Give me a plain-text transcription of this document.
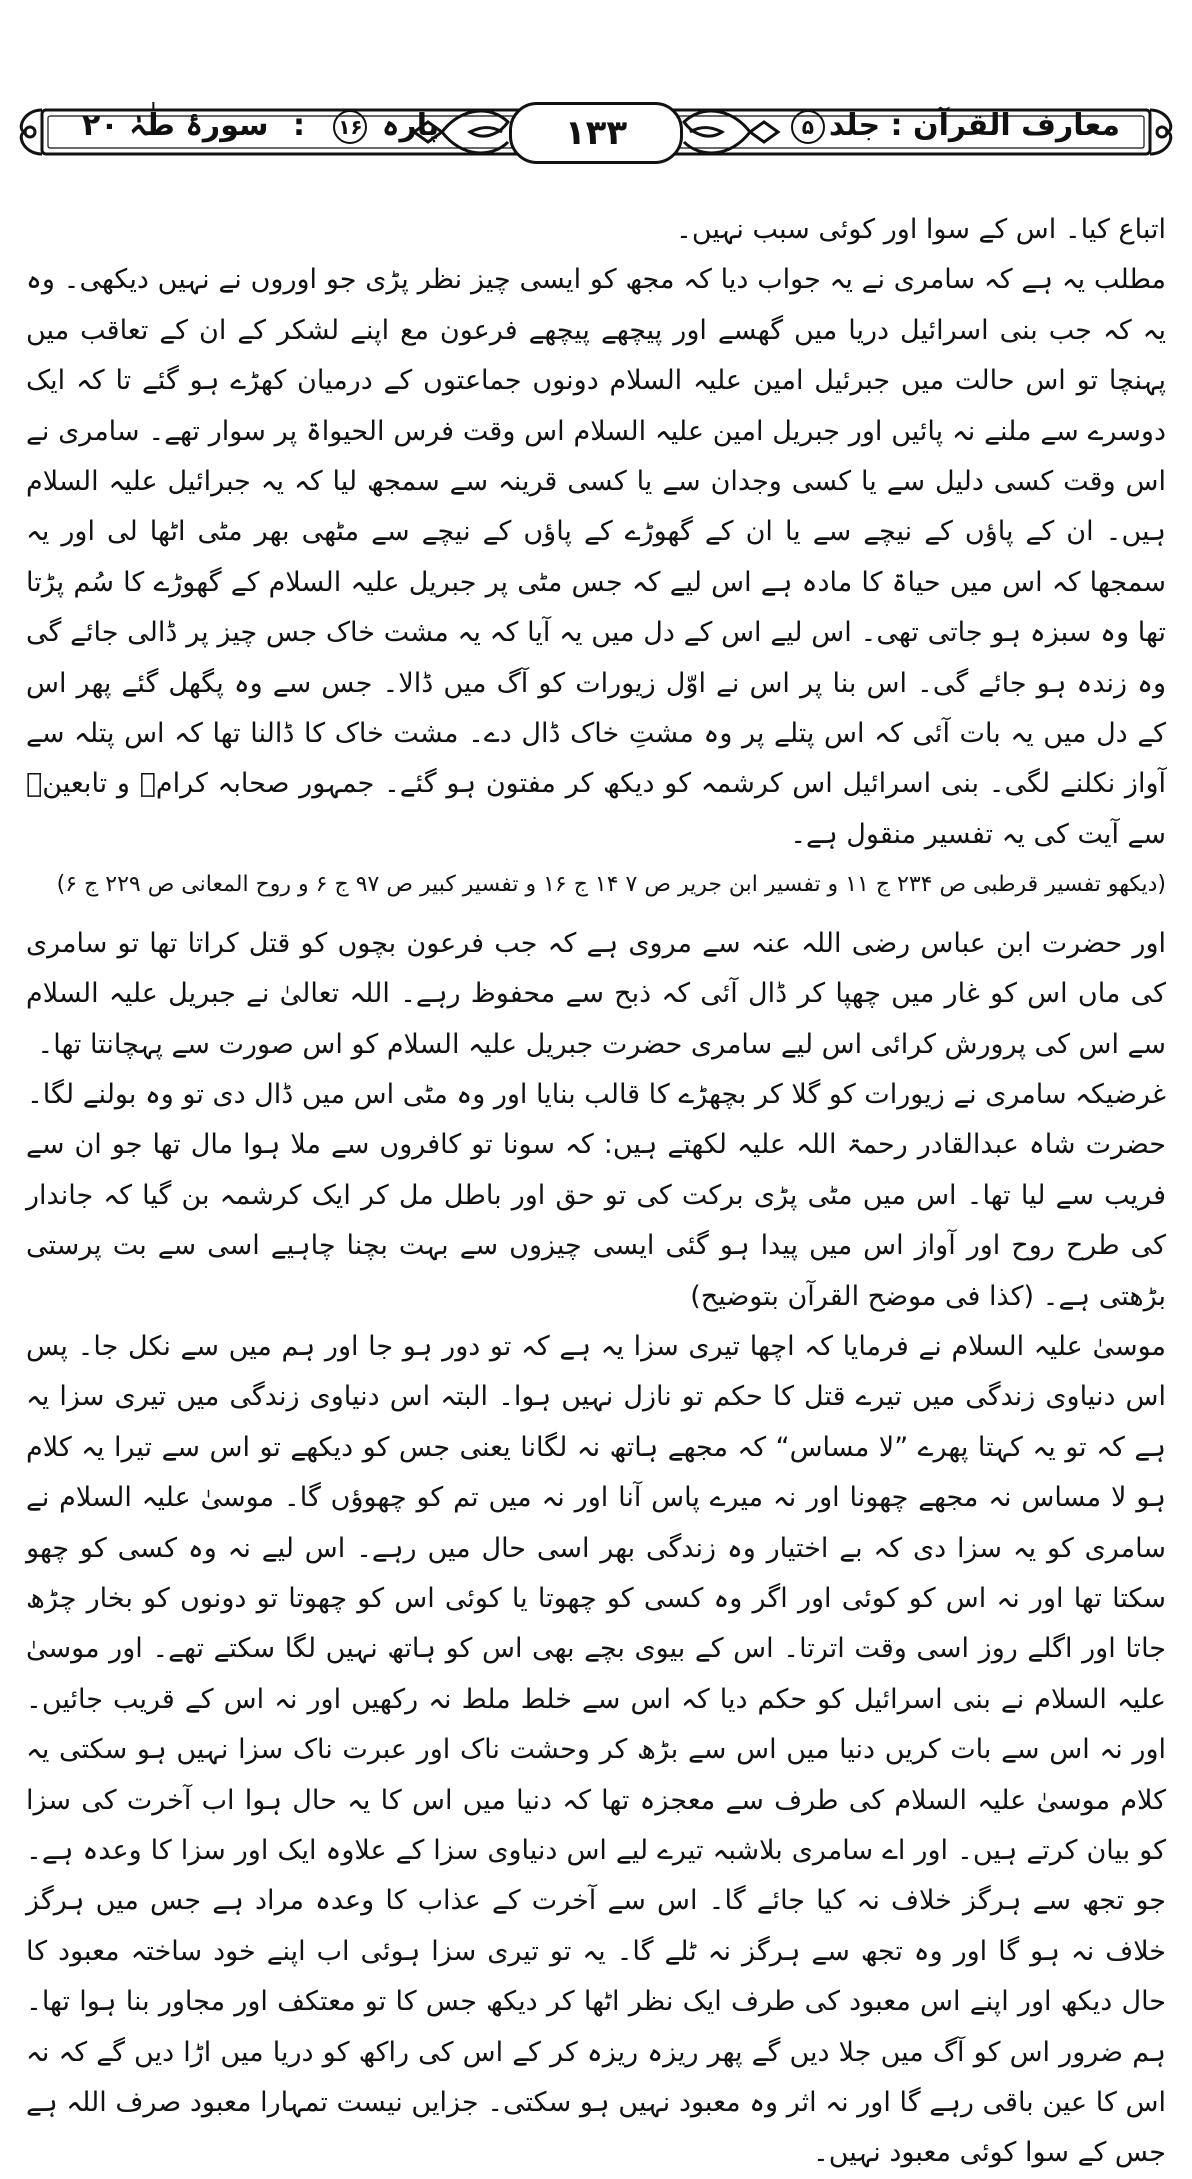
معارف القرآن : جلد۵
۱۳۳
پارہ ۱۶ : سورۂ طٰہٰ ۲۰

اتباع کیا۔ اس کے سوا اور کوئی سبب نہیں۔

مطلب یہ ہے کہ سامری نے یہ جواب دیا کہ مجھ کو ایسی چیز نظر پڑی جو اوروں نے نہیں دیکھی۔ وہ یہ کہ جب بنی اسرائیل دریا میں گھسے اور پیچھے پیچھے فرعون مع اپنے لشکر کے ان کے تعاقب میں پہنچا تو اس حالت میں جبرئیل امین علیہ السلام دونوں جماعتوں کے درمیان کھڑے ہو گئے تا کہ ایک دوسرے سے ملنے نہ پائیں اور جبریل امین علیہ السلام اس وقت فرس الحیواۃ پر سوار تھے۔ سامری نے اس وقت کسی دلیل سے یا کسی وجدان سے یا کسی قرینہ سے سمجھ لیا کہ یہ جبرائیل علیہ السلام ہیں۔ ان کے پاؤں کے نیچے سے یا ان کے گھوڑے کے پاؤں کے نیچے سے مٹھی بھر مٹی اٹھا لی اور یہ سمجھا کہ اس میں حیاۃ کا مادہ ہے اس لیے کہ جس مٹی پر جبریل علیہ السلام کے گھوڑے کا سُم پڑتا تھا وہ سبزہ ہو جاتی تھی۔ اس لیے اس کے دل میں یہ آیا کہ یہ مشت خاک جس چیز پر ڈالی جائے گی وہ زندہ ہو جائے گی۔ اس بنا پر اس نے اوّل زیورات کو آگ میں ڈالا۔ جس سے وہ پگھل گئے پھر اس کے دل میں یہ بات آئی کہ اس پتلے پر وہ مشتِ خاک ڈال دے۔ مشت خاک کا ڈالنا تھا کہ اس پتلہ سے آواز نکلنے لگی۔ بنی اسرائیل اس کرشمہ کو دیکھ کر مفتون ہو گئے۔ جمہور صحابہ کرامؓ و تابعینؒ سے آیت کی یہ تفسیر منقول ہے۔

(دیکھو تفسیر قرطبی ص ۲۳۴ ج ۱۱ و تفسیر ابن جریر ص ۷ ۱۴ ج ۱۶ و تفسیر کبیر ص ۹۷ ج ۶ و روح المعانی ص ۲۲۹ ج ۶)

اور حضرت ابن عباس رضی اللہ عنہ سے مروی ہے کہ جب فرعون بچوں کو قتل کراتا تھا تو سامری کی ماں اس کو غار میں چھپا کر ڈال آئی کہ ذبح سے محفوظ رہے۔ اللہ تعالیٰ نے جبریل علیہ السلام سے اس کی پرورش کرائی اس لیے سامری حضرت جبریل علیہ السلام کو اس صورت سے پہچانتا تھا۔

غرضیکہ سامری نے زیورات کو گلا کر بچھڑے کا قالب بنایا اور وہ مٹی اس میں ڈال دی تو وہ بولنے لگا۔

حضرت شاہ عبدالقادر رحمۃ اللہ علیہ لکھتے ہیں: کہ سونا تو کافروں سے ملا ہوا مال تھا جو ان سے فریب سے لیا تھا۔ اس میں مٹی پڑی برکت کی تو حق اور باطل مل کر ایک کرشمہ بن گیا کہ جاندار کی طرح روح اور آواز اس میں پیدا ہو گئی ایسی چیزوں سے بہت بچنا چاہیے اسی سے بت پرستی بڑھتی ہے۔ (کذا فی موضح القرآن بتوضیح)

موسیٰ علیہ السلام نے فرمایا کہ اچھا تیری سزا یہ ہے کہ تو دور ہو جا اور ہم میں سے نکل جا۔ پس اس دنیاوی زندگی میں تیرے قتل کا حکم تو نازل نہیں ہوا۔ البتہ اس دنیاوی زندگی میں تیری سزا یہ ہے کہ تو یہ کہتا پھرے ”لا مساس“ کہ مجھے ہاتھ نہ لگانا یعنی جس کو دیکھے تو اس سے تیرا یہ کلام ہو لا مساس نہ مجھے چھونا اور نہ میرے پاس آنا اور نہ میں تم کو چھوؤں گا۔ موسیٰ علیہ السلام نے سامری کو یہ سزا دی کہ بے اختیار وہ زندگی بھر اسی حال میں رہے۔ اس لیے نہ وہ کسی کو چھو سکتا تھا اور نہ اس کو کوئی اور اگر وہ کسی کو چھوتا یا کوئی اس کو چھوتا تو دونوں کو بخار چڑھ جاتا اور اگلے روز اسی وقت اترتا۔ اس کے بیوی بچے بھی اس کو ہاتھ نہیں لگا سکتے تھے۔ اور موسیٰ علیہ السلام نے بنی اسرائیل کو حکم دیا کہ اس سے خلط ملط نہ رکھیں اور نہ اس کے قریب جائیں۔ اور نہ اس سے بات کریں دنیا میں اس سے بڑھ کر وحشت ناک اور عبرت ناک سزا نہیں ہو سکتی یہ کلام موسیٰ علیہ السلام کی طرف سے معجزہ تھا کہ دنیا میں اس کا یہ حال ہوا اب آخرت کی سزا کو بیان کرتے ہیں۔ اور اے سامری بلاشبہ تیرے لیے اس دنیاوی سزا کے علاوہ ایک اور سزا کا وعدہ ہے۔ جو تجھ سے ہرگز خلاف نہ کیا جائے گا۔ اس سے آخرت کے عذاب کا وعدہ مراد ہے جس میں ہرگز خلاف نہ ہو گا اور وہ تجھ سے ہرگز نہ ٹلے گا۔ یہ تو تیری سزا ہوئی اب اپنے خود ساختہ معبود کا حال دیکھ اور اپنے اس معبود کی طرف ایک نظر اٹھا کر دیکھ جس کا تو معتکف اور مجاور بنا ہوا تھا۔ ہم ضرور اس کو آگ میں جلا دیں گے پھر ریزہ ریزہ کر کے اس کی راکھ کو دریا میں اڑا دیں گے کہ نہ اس کا عین باقی رہے گا اور نہ اثر وہ معبود نہیں ہو سکتی۔ جزایں نیست تمہارا معبود صرف اللہ ہے جس کے سوا کوئی معبود نہیں۔
